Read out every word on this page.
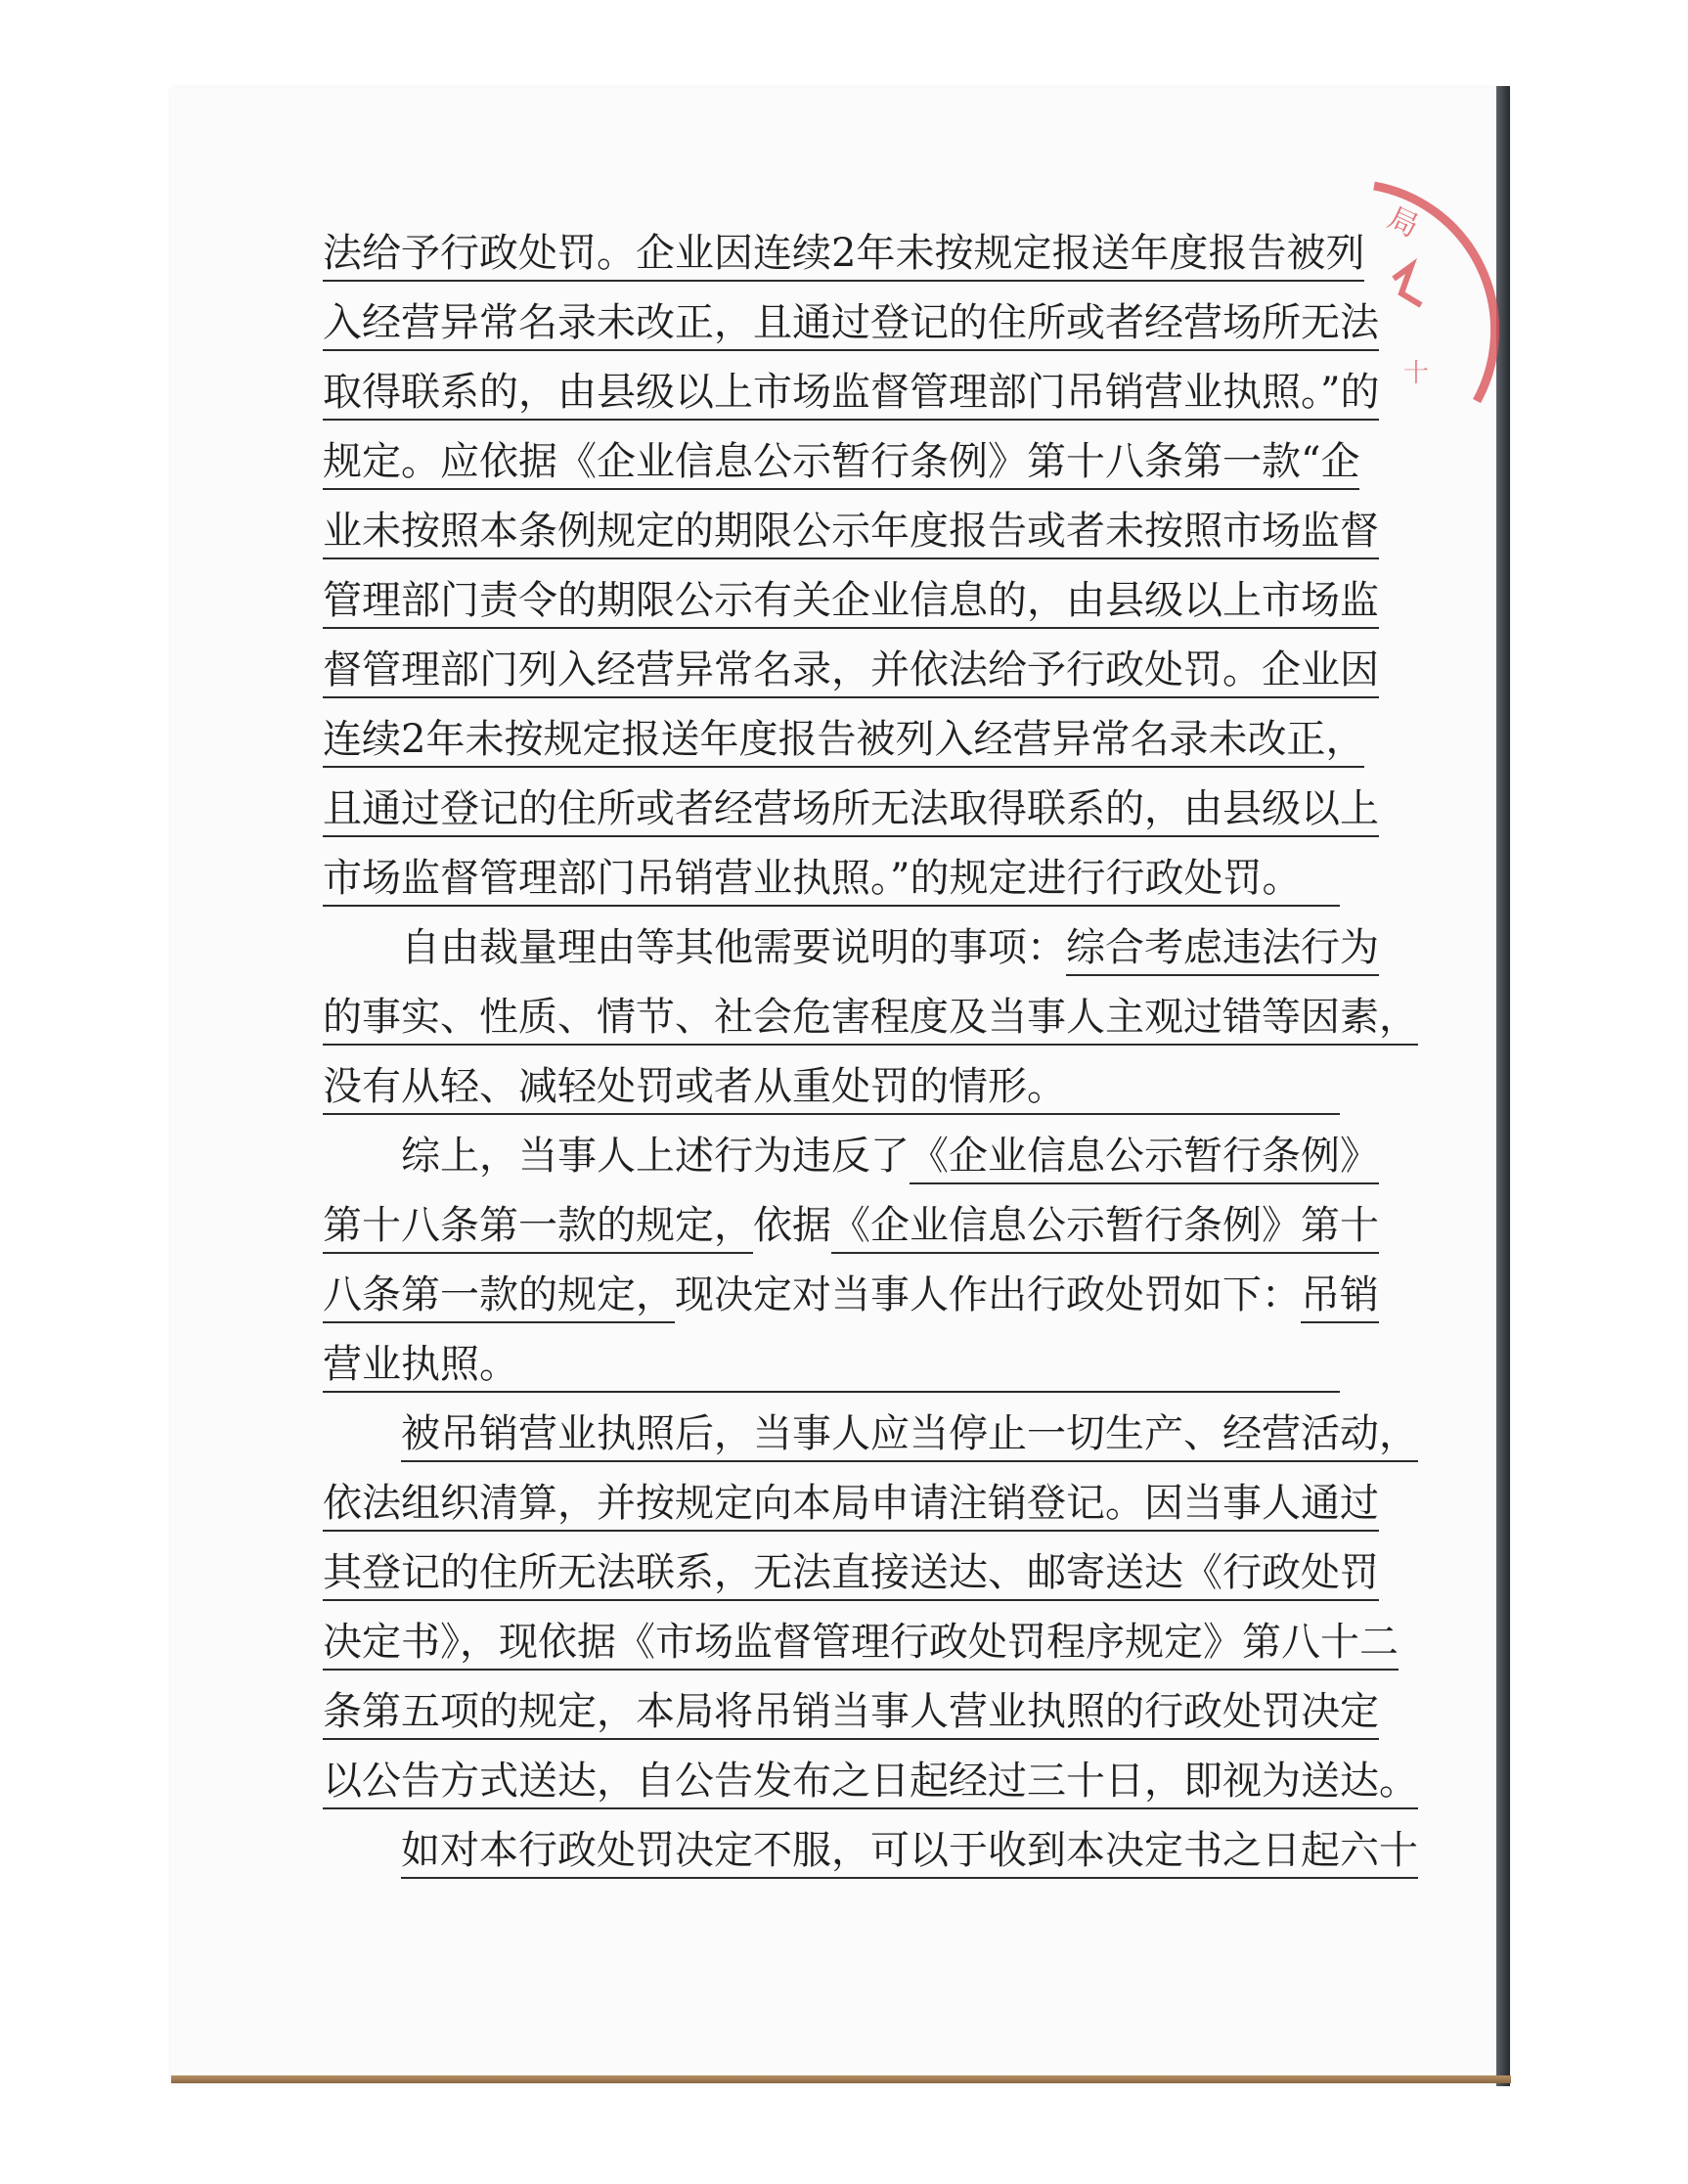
局
十
法给予行政处罚。企业因连续2年未按规定报送年度报告被列
入经营异常名录未改正，且通过登记的住所或者经营场所无法
取得联系的，由县级以上市场监督管理部门吊销营业执照。”的
规定。应依据《企业信息公示暂行条例》第十八条第一款“企
业未按照本条例规定的期限公示年度报告或者未按照市场监督
管理部门责令的期限公示有关企业信息的，由县级以上市场监
督管理部门列入经营异常名录，并依法给予行政处罚。企业因
连续2年未按规定报送年度报告被列入经营异常名录未改正，
且通过登记的住所或者经营场所无法取得联系的，由县级以上
市场监督管理部门吊销营业执照。”的规定进行行政处罚。
自由裁量理由等其他需要说明的事项：综合考虑违法行为
的事实、性质、情节、社会危害程度及当事人主观过错等因素，
没有从轻、减轻处罚或者从重处罚的情形。
综上，当事人上述行为违反了《企业信息公示暂行条例》
第十八条第一款的规定，依据《企业信息公示暂行条例》第十
八条第一款的规定，现决定对当事人作出行政处罚如下：吊销
营业执照。
被吊销营业执照后，当事人应当停止一切生产、经营活动，
依法组织清算，并按规定向本局申请注销登记。因当事人通过
其登记的住所无法联系，无法直接送达、邮寄送达《行政处罚
决定书》，现依据《市场监督管理行政处罚程序规定》第八十二
条第五项的规定，本局将吊销当事人营业执照的行政处罚决定
以公告方式送达，自公告发布之日起经过三十日，即视为送达。
如对本行政处罚决定不服，可以于收到本决定书之日起六十
